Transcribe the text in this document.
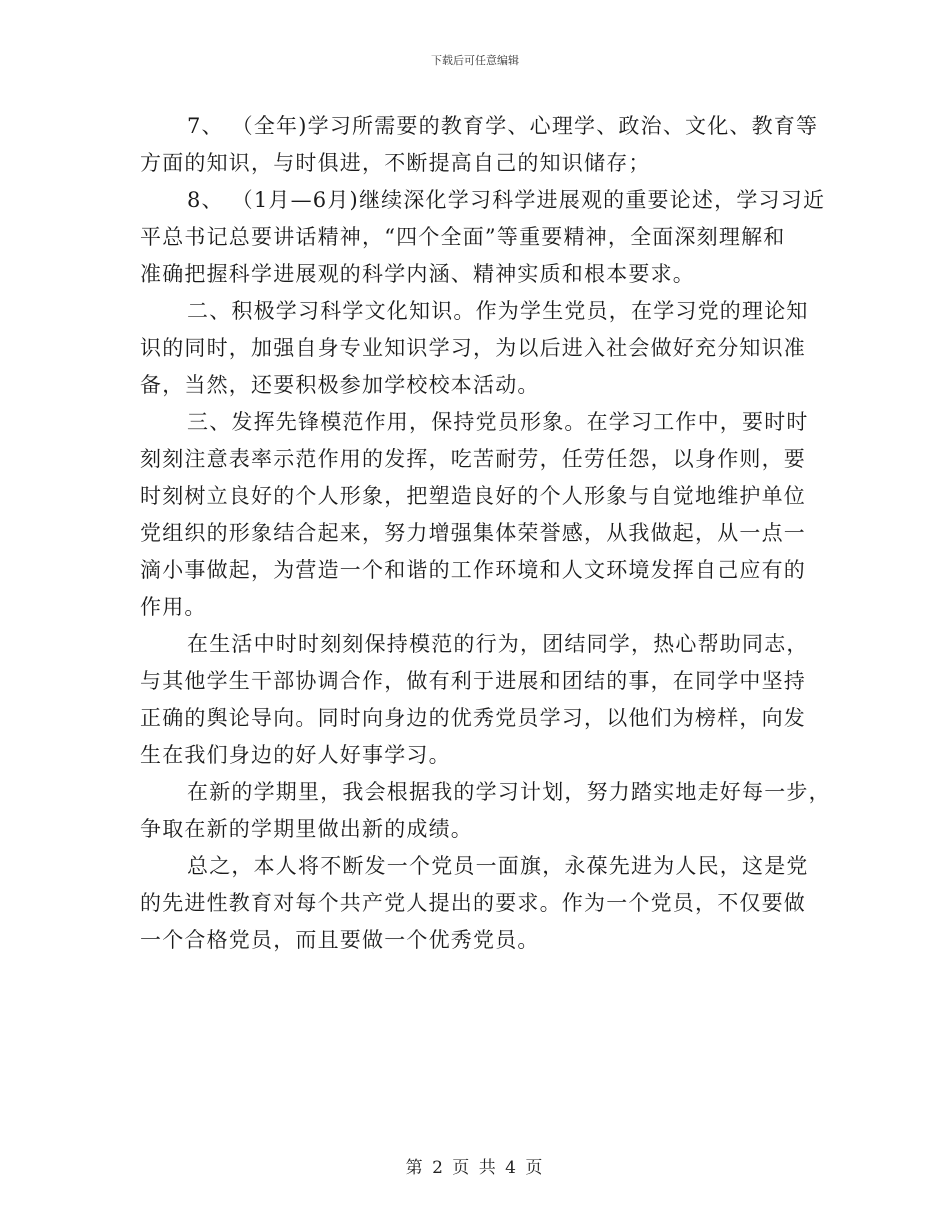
下载后可任意编辑
7、 （全年)学习所需要的教育学、心理学、政治、文化、教育等
方面的知识，与时俱进，不断提高自己的知识储存；
8、 （1月—6月)继续深化学习科学进展观的重要论述，学习习近
平总书记总要讲话精神，“四个全面”等重要精神，全面深刻理解和
准确把握科学进展观的科学内涵、精神实质和根本要求。
二、积极学习科学文化知识。作为学生党员，在学习党的理论知
识的同时，加强自身专业知识学习，为以后进入社会做好充分知识准
备，当然，还要积极参加学校校本活动。
三、发挥先锋模范作用，保持党员形象。在学习工作中，要时时
刻刻注意表率示范作用的发挥，吃苦耐劳，任劳任怨，以身作则，要
时刻树立良好的个人形象，把塑造良好的个人形象与自觉地维护单位
党组织的形象结合起来，努力增强集体荣誉感，从我做起，从一点一
滴小事做起，为营造一个和谐的工作环境和人文环境发挥自己应有的
作用。
在生活中时时刻刻保持模范的行为，团结同学，热心帮助同志，
与其他学生干部协调合作，做有利于进展和团结的事，在同学中坚持
正确的舆论导向。同时向身边的优秀党员学习，以他们为榜样，向发
生在我们身边的好人好事学习。
在新的学期里，我会根据我的学习计划，努力踏实地走好每一步，
争取在新的学期里做出新的成绩。
总之，本人将不断发一个党员一面旗，永葆先进为人民，这是党
的先进性教育对每个共产党人提出的要求。作为一个党员，不仅要做
一个合格党员，而且要做一个优秀党员。
第 2 页 共 4 页
